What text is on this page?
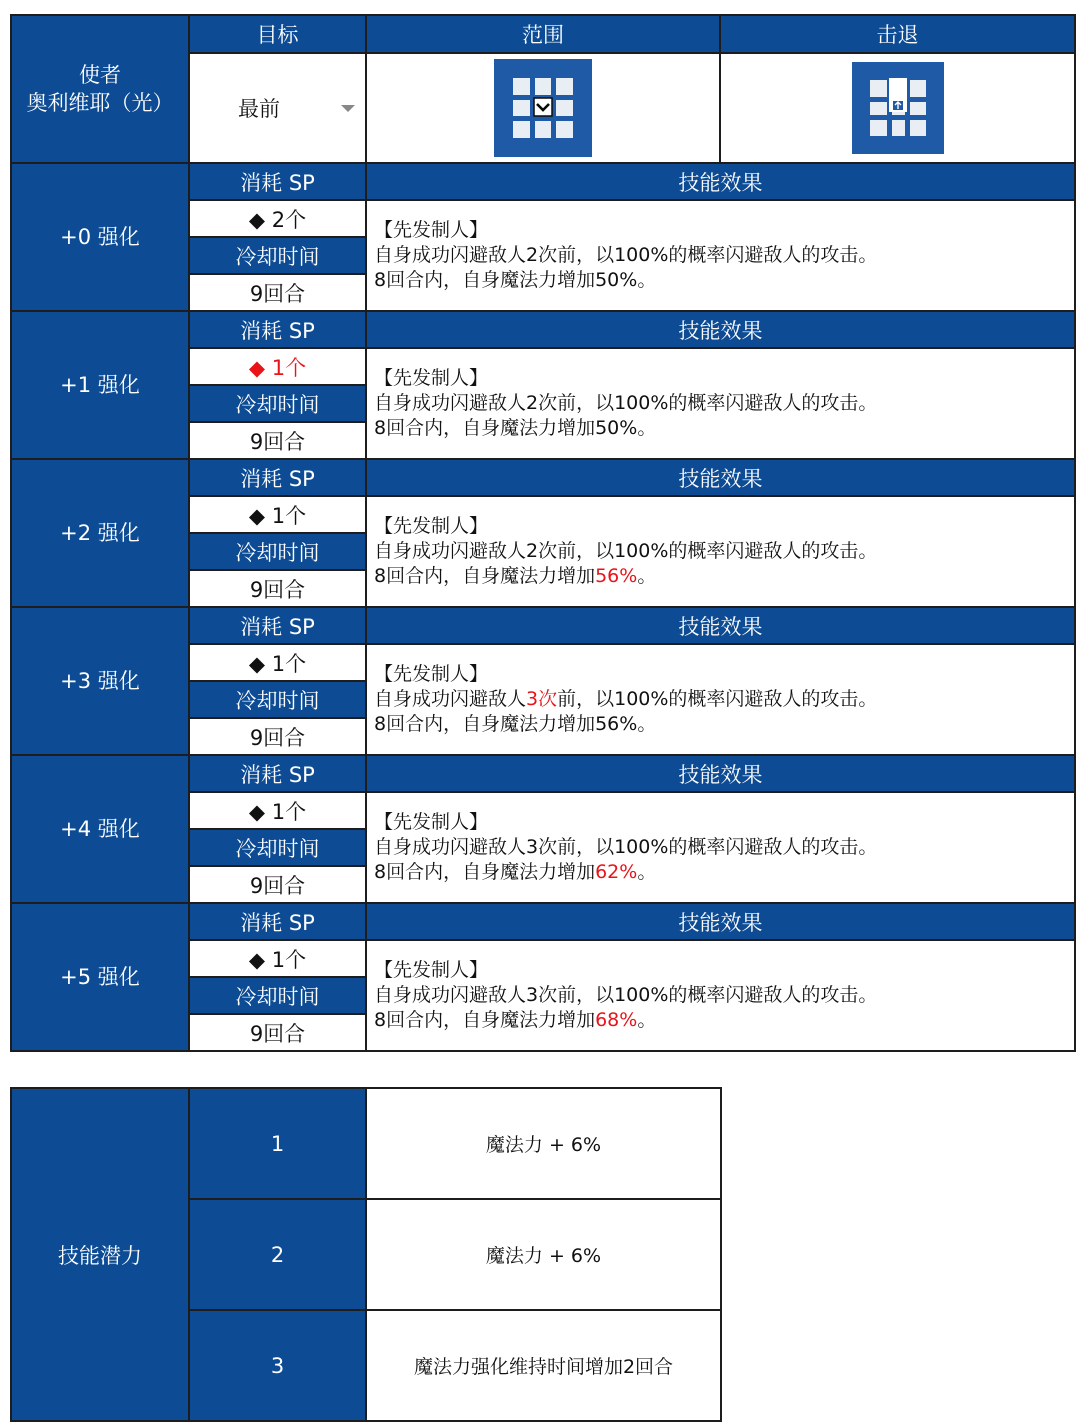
使者
奥利维耶（光）	目标	范围	击退
	最前

+0 强化	消耗 SP	技能效果	
	◆ 2个	【先发制人】
自身成功闪避敌人2次前，以100%的概率闪避敌人的攻击。
8回合内，自身魔法力增加50%。	

	冷却时间		
	9回合		
+1 强化	消耗 SP	技能效果	
	◆ 1个	【先发制人】
自身成功闪避敌人2次前，以100%的概率闪避敌人的攻击。
8回合内，自身魔法力增加50%。	

	冷却时间		
	9回合		
+2 强化	消耗 SP	技能效果	
	◆ 1个	【先发制人】
自身成功闪避敌人2次前，以100%的概率闪避敌人的攻击。
8回合内，自身魔法力增加56%。	

	冷却时间		
	9回合		
+3 强化	消耗 SP	技能效果	
	◆ 1个	【先发制人】
自身成功闪避敌人3次前，以100%的概率闪避敌人的攻击。
8回合内，自身魔法力增加56%。	

	冷却时间		
	9回合		
+4 强化	消耗 SP	技能效果	
	◆ 1个	【先发制人】
自身成功闪避敌人3次前，以100%的概率闪避敌人的攻击。
8回合内，自身魔法力增加62%。	

	冷却时间		
	9回合		
+5 强化	消耗 SP	技能效果	
	◆ 1个	【先发制人】
自身成功闪避敌人3次前，以100%的概率闪避敌人的攻击。
8回合内，自身魔法力增加68%。	

	冷却时间		
	9回合		
技能潜力	1	魔法力 + 6%
	2	魔法力 + 6%
	3	魔法力强化维持时间增加2回合
